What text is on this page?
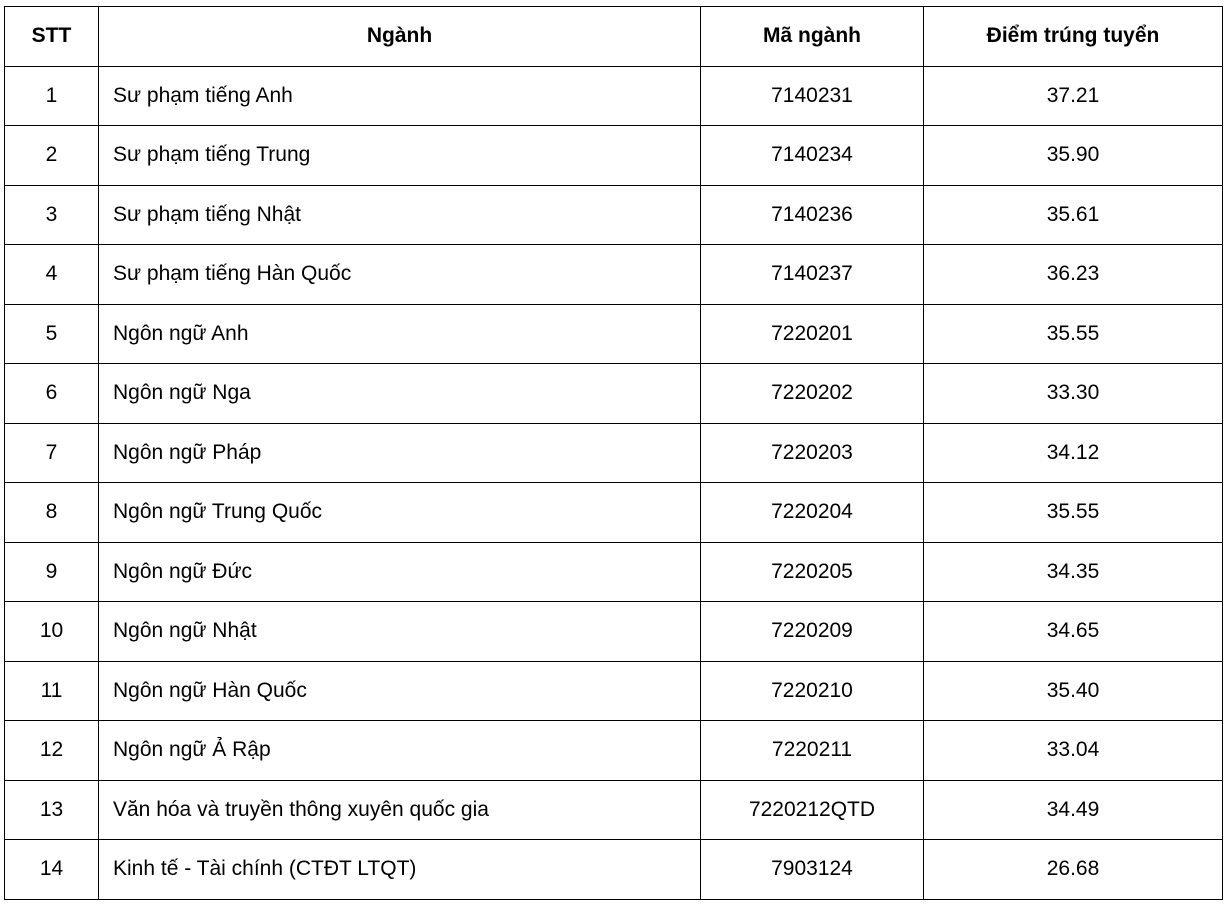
STT	Ngành	Mã ngành	Điểm trúng tuyển
1	Sư phạm tiếng Anh	7140231	37.21
2	Sư phạm tiếng Trung	7140234	35.90
3	Sư phạm tiếng Nhật	7140236	35.61
4	Sư phạm tiếng Hàn Quốc	7140237	36.23
5	Ngôn ngữ Anh	7220201	35.55
6	Ngôn ngữ Nga	7220202	33.30
7	Ngôn ngữ Pháp	7220203	34.12
8	Ngôn ngữ Trung Quốc	7220204	35.55
9	Ngôn ngữ Đức	7220205	34.35
10	Ngôn ngữ Nhật	7220209	34.65
11	Ngôn ngữ Hàn Quốc	7220210	35.40
12	Ngôn ngữ Ả Rập	7220211	33.04
13	Văn hóa và truyền thông xuyên quốc gia	7220212QTD	34.49
14	Kinh tế - Tài chính (CTĐT LTQT)	7903124	26.68
